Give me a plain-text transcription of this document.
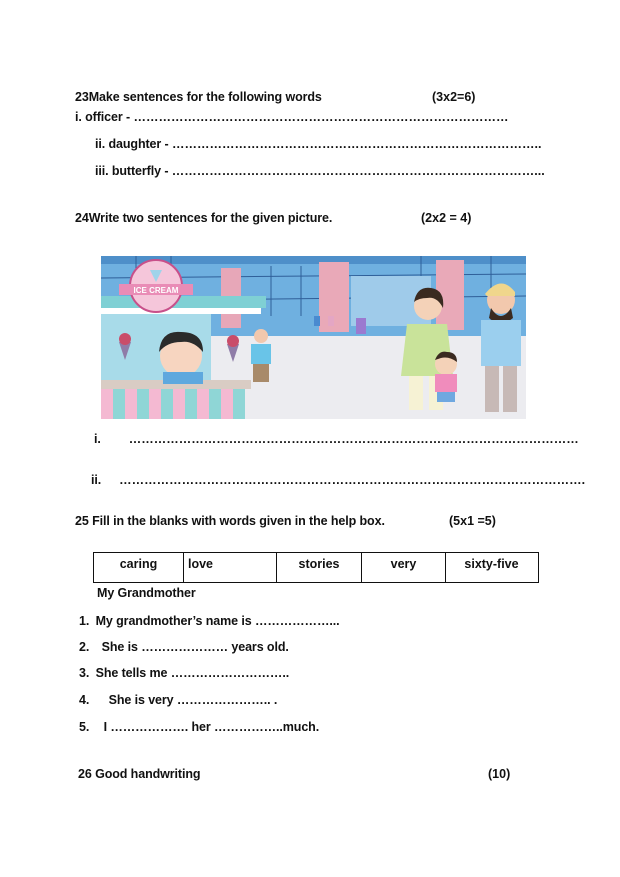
23Make sentences for the following words	(3x2=6)
i. officer - ………………………………………………………………………………
ii. daughter - ……………………………………………………………………………..
iii. butterfly - ……………………………………………………………………………...
24Write two sentences for the given picture.	(2x2 = 4)
ICE CREAM
i. ………………………………………………………………………………………………
ii. ………………………………………………………………………………………………….
25 Fill in the blanks with words given in the help box.	(5x1 =5)
caring	love	stories	very	sixty-five
My Grandmother
1. My grandmother’s name is ………………...
2. She is ………………… years old.
3. She tells me ………………………..
4. She is very ………………….. .
5. I ………………. her ……………..much.
26 Good handwriting	(10)
